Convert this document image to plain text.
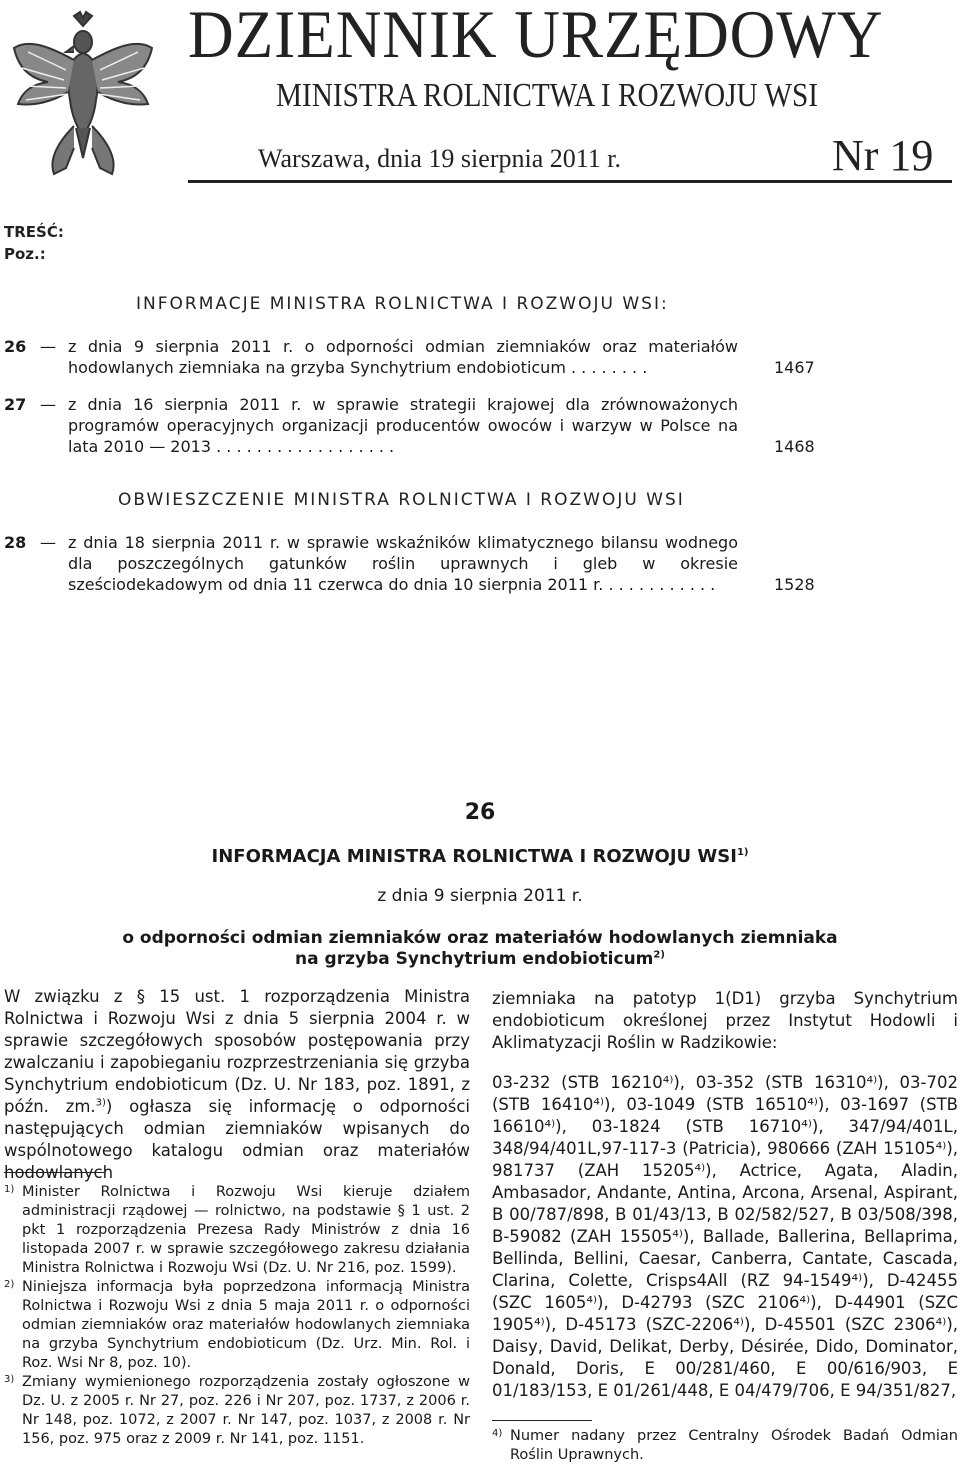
DZIENNIK URZĘDOWY
MINISTRA ROLNICTWA I ROZWOJU WSI
Warszawa, dnia 19 sierpnia 2011 r.	Nr 19
TREŚĆ:
Poz.:
INFORMACJE MINISTRA ROLNICTWA I ROZWOJU WSI:
26 — z dnia 9 sierpnia 2011 r. o odporności odmian ziemniaków oraz materiałów hodowlanych ziemniaka na grzyba Synchytrium endobioticum . . . . . . . .	1467
27 — z dnia 16 sierpnia 2011 r. w sprawie strategii krajowej dla zrównoważonych programów operacyjnych organizacji producentów owoców i warzyw w Polsce na lata 2010 — 2013 . . . . . . . . . . . . . . . . . .	1468
OBWIESZCZENIE MINISTRA ROLNICTWA I ROZWOJU WSI
28 — z dnia 18 sierpnia 2011 r. w sprawie wskaźników klimatycznego bilansu wodnego dla poszczególnych gatunków roślin uprawnych i gleb w okresie sześciodekadowym od dnia 11 czerwca do dnia 10 sierpnia 2011 r. . . . . . . . . . . .	1528
26
INFORMACJA MINISTRA ROLNICTWA I ROZWOJU WSI$^{1)}$
z dnia 9 sierpnia 2011 r.
o odporności odmian ziemniaków oraz materiałów hodowlanych ziemniaka
na grzyba Synchytrium endobioticum$^{2)}$
W związku z § 15 ust. 1 rozporządzenia Ministra Rolnictwa i Rozwoju Wsi z dnia 5 sierpnia 2004 r. w sprawie szczegółowych sposobów postępowania przy zwalczaniu i zapobieganiu rozprzestrzeniania się grzyba Synchytrium endobioticum (Dz. U. Nr 183, poz. 1891, z późn. zm.$^{3)}$) ogłasza się informację o odporności następujących odmian ziemniaków wpisanych do wspólnotowego katalogu odmian oraz materiałów hodowlanych

1) Minister Rolnictwa i Rozwoju Wsi kieruje działem administracji rządowej — rolnictwo, na podstawie § 1 ust. 2 pkt 1 rozporządzenia Prezesa Rady Ministrów z dnia 16 listopada 2007 r. w sprawie szczegółowego zakresu działania Ministra Rolnictwa i Rozwoju Wsi (Dz. U. Nr 216, poz. 1599).

2) Niniejsza informacja była poprzedzona informacją Ministra Rolnictwa i Rozwoju Wsi z dnia 5 maja 2011 r. o odporności odmian ziemniaków oraz materiałów hodowlanych ziemniaka na grzyba Synchytrium endobioticum (Dz. Urz. Min. Rol. i Roz. Wsi Nr 8, poz. 10).

3) Zmiany wymienionego rozporządzenia zostały ogłoszone w Dz. U. z 2005 r. Nr 27, poz. 226 i Nr 207, poz. 1737, z 2006 r. Nr 148, poz. 1072, z 2007 r. Nr 147, poz. 1037, z 2008 r. Nr 156, poz. 975 oraz z 2009 r. Nr 141, poz. 1151.

ziemniaka na patotyp 1(D1) grzyba Synchytrium endobioticum określonej przez Instytut Hodowli i Aklimatyzacji Roślin w Radzikowie:

03-232 (STB 16210⁴⁾), 03-352 (STB 16310⁴⁾), 03-702 (STB 16410⁴⁾), 03-1049 (STB 16510⁴⁾), 03-1697 (STB 16610⁴⁾), 03-1824 (STB 16710⁴⁾), 347/94/401L, 348/94/401L,97-117-3 (Patricia), 980666 (ZAH 15105⁴⁾), 981737 (ZAH 15205⁴⁾), Actrice, Agata, Aladin, Ambasador, Andante, Antina, Arcona, Arsenal, Aspirant, B 00/787/898, B 01/43/13, B 02/582/527, B 03/508/398, B-59082 (ZAH 15505⁴⁾), Ballade, Ballerina, Bellaprima, Bellinda, Bellini, Caesar, Canberra, Cantate, Cascada, Clarina, Colette, Crisps4All (RZ 94-1549⁴⁾), D-42455 (SZC 1605⁴⁾), D-42793 (SZC 2106⁴⁾), D-44901 (SZC 1905⁴⁾), D-45173 (SZC-2206⁴⁾), D-45501 (SZC 2306⁴⁾), Daisy, David, Delikat, Derby, Désirée, Dido, Dominator, Donald, Doris, E 00/281/460, E 00/616/903, E 01/183/153, E 01/261/448, E 04/479/706, E 94/351/827,

4) Numer nadany przez Centralny Ośrodek Badań Odmian Roślin Uprawnych.
